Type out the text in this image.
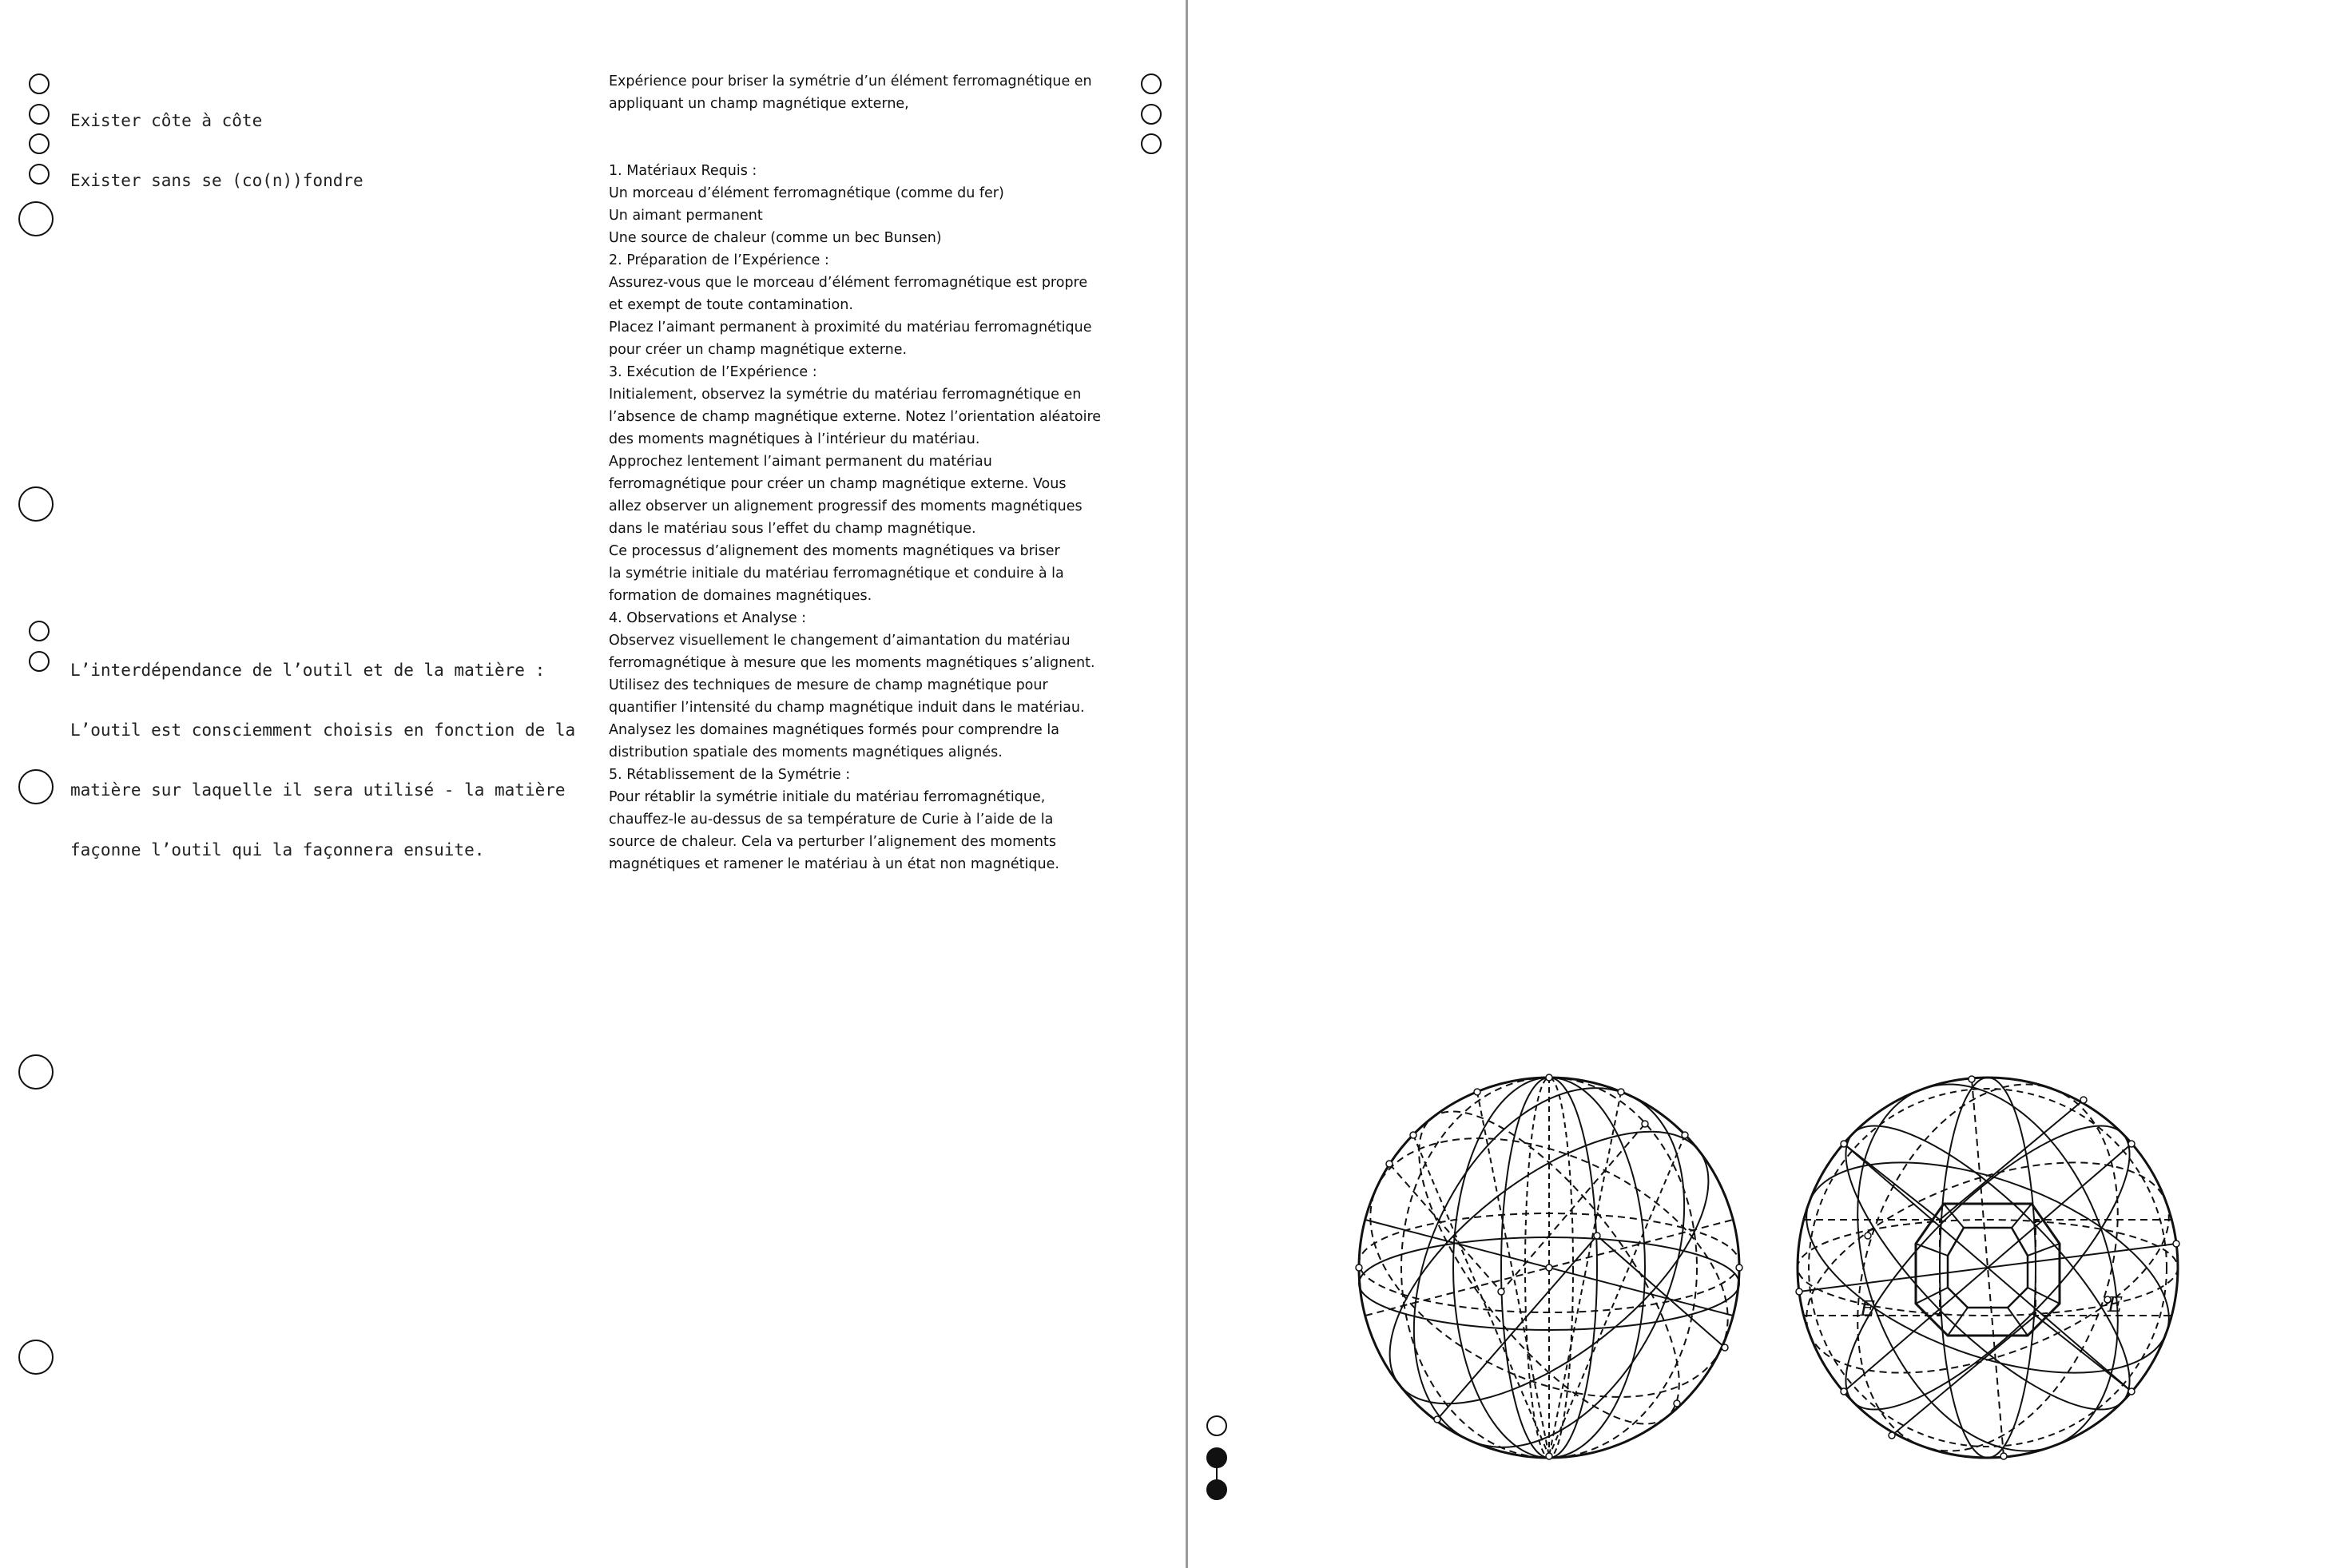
Exister côte à côte

Exister sans se (co(n))fondre

L’interdépendance de l’outil et de la matière :

L’outil est consciemment choisis en fonction de la

matière sur laquelle il sera utilisé - la matière

façonne l’outil qui la façonnera ensuite.

Expérience pour briser la symétrie d’un élément ferromagnétique en appliquant un champ magnétique externe,

1. Matériaux Requis :

Un morceau d’élément ferromagnétique (comme du fer)

Un aimant permanent

Une source de chaleur (comme un bec Bunsen)

2. Préparation de l’Expérience :

Assurez-vous que le morceau d’élément ferromagnétique est propre

et exempt de toute contamination.

Placez l’aimant permanent à proximité du matériau ferromagnétique

pour créer un champ magnétique externe.

3. Exécution de l’Expérience :

Initialement, observez la symétrie du matériau ferromagnétique en

l’absence de champ magnétique externe. Notez l’orientation aléatoire

des moments magnétiques à l’intérieur du matériau.

Approchez lentement l’aimant permanent du matériau

ferromagnétique pour créer un champ magnétique externe. Vous

allez observer un alignement progressif des moments magnétiques

dans le matériau sous l’effet du champ magnétique.

Ce processus d’alignement des moments magnétiques va briser

la symétrie initiale du matériau ferromagnétique et conduire à la

formation de domaines magnétiques.

4. Observations et Analyse :

Observez visuellement le changement d’aimantation du matériau

ferromagnétique à mesure que les moments magnétiques s’alignent.

Utilisez des techniques de mesure de champ magnétique pour

quantifier l’intensité du champ magnétique induit dans le matériau.

Analysez les domaines magnétiques formés pour comprendre la

distribution spatiale des moments magnétiques alignés.

5. Rétablissement de la Symétrie :

Pour rétablir la symétrie initiale du matériau ferromagnétique,

chauffez-le au-dessus de sa température de Curie à l’aide de la

source de chaleur. Cela va perturber l’alignement des moments

magnétiques et ramener le matériau à un état non magnétique.

E	E
